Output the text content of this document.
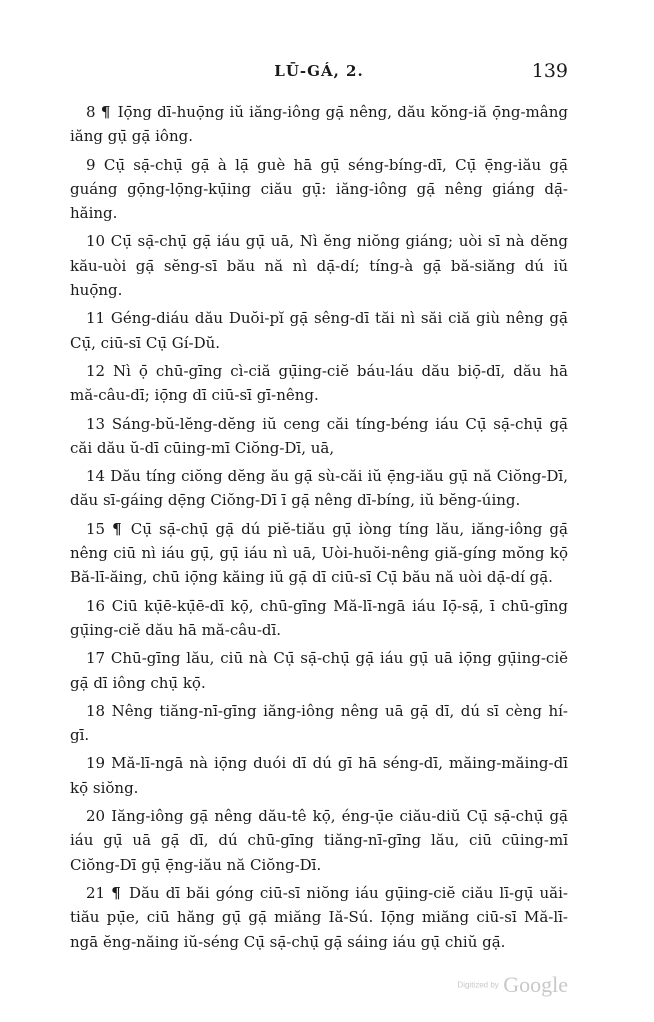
LŪ-GÁ, 2.	139

8 ¶ Iọ̄ng dī-huọ̄ng iŭ iăng-iông gạ̄ nêng, dău kŏng-iă ọ̄ng-mâng iăng gụ̄ gạ̄ iông.

9 Cụ̄ sạ̄-chụ̄ gạ̄ à lạ̄ guè hā gụ̄ séng-bíng-dī, Cụ̄ ẹ̄ng-iău gạ̄ guáng gọ̄ng-lọ̄ng-kụ̄ing ciău gụ̄: iăng-iông gạ̄ nêng giáng dạ̄-hăing.

10 Cụ̄ sạ̄-chụ̄ gạ̄ iáu gụ̄ uā, Nì ĕng niŏng giáng; uòi sī nà dĕng kău-uòi gạ̄ sĕng-sī bău nă nì dạ̄-dí; tíng-à gạ̄ bă-siăng dú iŭ huọ̄ng.

11 Géng-diáu dău Duŏi-pĭ gạ̄ sêng-dī tăi nì săi ciă giù nêng gạ̄ Cụ̄, ciū-sī Cụ̄ Gí-Dŭ.

12 Nì ọ̄ chū-gīng cì-ciă gụ̄ing-ciĕ báu-láu dău biọ̄-dī, dău hā mă-câu-dī; iọ̄ng dī ciū-sī gī-nêng.

13 Sáng-bŭ-lĕng-dĕng iŭ ceng căi tíng-béng iáu Cụ̄ sạ̄-chụ̄ gạ̄ căi dău ŭ-dī cūing-mī Ciŏng-Dī, uā,

14 Dău tíng ciŏng dĕng ău gạ̄ sù-căi iŭ ẹ̄ng-iău gụ̄ nă Ciŏng-Dī, dău sī-gáing dẹ̄ng Ciŏng-Dī ī gạ̄ nêng dī-bíng, iŭ bĕng-úing.

15 ¶ Cụ̄ sạ̄-chụ̄ gạ̄ dú piĕ-tiău gụ̄ iòng tíng lău, iăng-iông gạ̄ nêng ciū nì iáu gụ̄, gụ̄ iáu nì uā, Uòi-huŏi-nêng giă-gíng mŏng kọ̄ Bă-lī-ăing, chū iọ̄ng kăing iŭ gạ̄ dī ciū-sī Cụ̄ bău nă uòi dạ̄-dí gạ̄.

16 Ciū kụ̄ē-kụ̄ē-dī kọ̄, chū-gīng Mă-lī-ngā iáu Iọ̄-sạ̄, ī chū-gīng gụ̄ing-ciĕ dău hā mă-câu-dī.

17 Chū-gīng lău, ciū nà Cụ̄ sạ̄-chụ̄ gạ̄ iáu gụ̄ uā iọ̄ng gụ̄ing-ciĕ gạ̄ dī iông chụ̄ kọ̄.

18 Nêng tiăng-nī-gīng iăng-iông nêng uā gạ̄ dī, dú sī cèng hí-gī.

19 Mă-lī-ngā nà iọ̄ng duói dī dú gī hā séng-dī, măing-măing-dī kọ̄ siŏng.

20 Iăng-iông gạ̄ nêng dău-tê kọ̄, éng-ụ̄e ciău-diŭ Cụ̄ sạ̄-chụ̄ gạ̄ iáu gụ̄ uā gạ̄ dī, dú chū-gīng tiăng-nī-gīng lău, ciū cūing-mī Ciŏng-Dī gụ̄ ẹ̄ng-iău nă Ciŏng-Dī.

21 ¶ Dău dī băi góng ciū-sī niŏng iáu gụ̄ing-ciĕ ciău lī-gụ̄ uăi-tiău pụ̄e, ciū hăng gụ̄ gạ̄ miăng Iă-Sú. Iọ̄ng miăng ciū-sī Mă-lī-ngā ĕng-năing iŭ-séng Cụ̄ sạ̄-chụ̄ gạ̄ sáing iáu gụ̄ chiŭ gạ̄.

Digitized by Google
